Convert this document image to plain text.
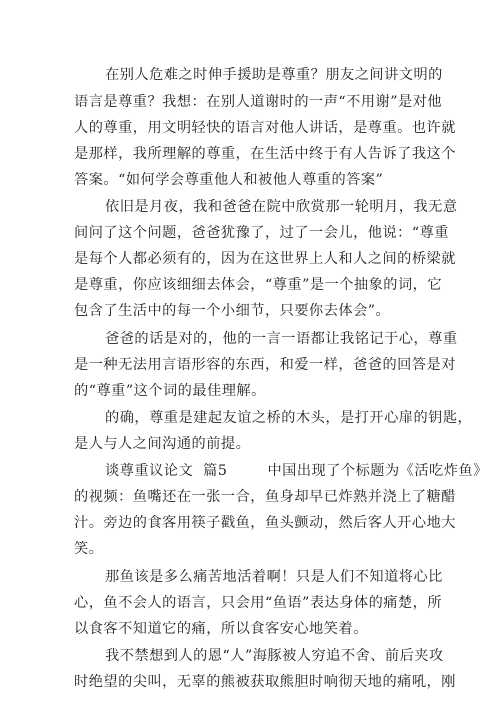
在别人危难之时伸手援助是尊重？朋友之间讲文明的
语言是尊重？我想：在别人道谢时的一声“不用谢”是对他
人的尊重，用文明轻快的语言对他人讲话，是尊重。也许就
是那样，我所理解的尊重，在生活中终于有人告诉了我这个
答案。“如何学会尊重他人和被他人尊重的答案”
依旧是月夜，我和爸爸在院中欣赏那一轮明月，我无意
间问了这个问题，爸爸犹豫了，过了一会儿，他说：“尊重
是每个人都必须有的，因为在这世界上人和人之间的桥梁就
是尊重，你应该细细去体会，“尊重”是一个抽象的词，它
包含了生活中的每一个小细节，只要你去体会”。
爸爸的话是对的，他的一言一语都让我铭记于心，尊重
是一种无法用言语形容的东西，和爱一样，爸爸的回答是对
的“尊重”这个词的最佳理解。
的确，尊重是建起友谊之桥的木头，是打开心扉的钥匙，
是人与人之间沟通的前提。
谈尊重议论文  篇5        中国出现了个标题为《活吃炸鱼》
的视频：鱼嘴还在一张一合，鱼身却早已炸熟并浇上了糖醋
汁。旁边的食客用筷子戳鱼，鱼头颤动，然后客人开心地大
笑。
那鱼该是多么痛苦地活着啊！只是人们不知道将心比
心，鱼不会人的语言，只会用“鱼语”表达身体的痛楚，所
以食客不知道它的痛，所以食客安心地笑着。
我不禁想到人的恩“人”海豚被人穷追不舍、前后夹攻
时绝望的尖叫，无辜的熊被获取熊胆时响彻天地的痛吼，刚
